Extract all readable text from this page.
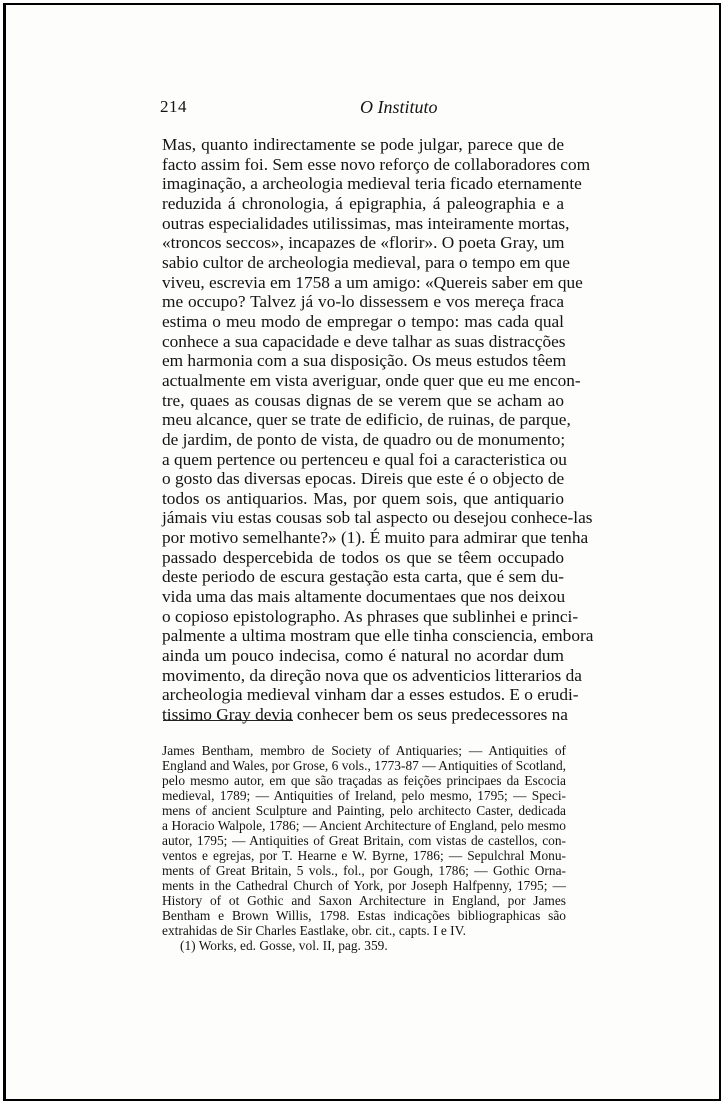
214	O Instituto
Mas, quanto indirectamente se pode julgar, parece que de
facto assim foi. Sem esse novo reforço de collaboradores com
imaginação, a archeologia medieval teria ficado eternamente
reduzida á chronologia, á epigraphia, á paleographia e a
outras especialidades utilissimas, mas inteiramente mortas,
«troncos seccos», incapazes de «florir». O poeta Gray, um
sabio cultor de archeologia medieval, para o tempo em que
viveu, escrevia em 1758 a um amigo: «Quereis saber em que
me occupo? Talvez já vo-lo dissessem e vos mereça fraca
estima o meu modo de empregar o tempo: mas cada qual
conhece a sua capacidade e deve talhar as suas distracções
em harmonia com a sua disposição. Os meus estudos têem
actualmente em vista averiguar, onde quer que eu me encon-
tre, quaes as cousas dignas de se verem que se acham ao
meu alcance, quer se trate de edificio, de ruinas, de parque,
de jardim, de ponto de vista, de quadro ou de monumento;
a quem pertence ou pertenceu e qual foi a caracteristica ou
o gosto das diversas epocas. Direis que este é o objecto de
todos os antiquarios. Mas, por quem sois, que antiquario
jámais viu estas cousas sob tal aspecto ou desejou conhece-las
por motivo semelhante?» (1). É muito para admirar que tenha
passado despercebida de todos os que se têem occupado
deste periodo de escura gestação esta carta, que é sem du-
vida uma das mais altamente documentaes que nos deixou
o copioso epistolographo. As phrases que sublinhei e princi-
palmente a ultima mostram que elle tinha consciencia, embora
ainda um pouco indecisa, como é natural no acordar dum
movimento, da direção nova que os adventicios litterarios da
archeologia medieval vinham dar a esses estudos. E o erudi-
tissimo Gray devia conhecer bem os seus predecessores na
James Bentham, membro de Society of Antiquaries; — Antiquities of
England and Wales, por Grose, 6 vols., 1773-87 — Antiquities of Scotland,
pelo mesmo autor, em que são traçadas as feições principaes da Escocia
medieval, 1789; — Antiquities of Ireland, pelo mesmo, 1795; — Speci-
mens of ancient Sculpture and Painting, pelo architecto Caster, dedicada
a Horacio Walpole, 1786; — Ancient Architecture of England, pelo mesmo
autor, 1795; — Antiquities of Great Britain, com vistas de castellos, con-
ventos e egrejas, por T. Hearne e W. Byrne, 1786; — Sepulchral Monu-
ments of Great Britain, 5 vols., fol., por Gough, 1786; — Gothic Orna-
ments in the Cathedral Church of York, por Joseph Halfpenny, 1795; —
History of ot Gothic and Saxon Architecture in England, por James
Bentham e Brown Willis, 1798. Estas indicações bibliographicas são
extrahidas de Sir Charles Eastlake, obr. cit., capts. I e IV.
(1) Works, ed. Gosse, vol. II, pag. 359.
